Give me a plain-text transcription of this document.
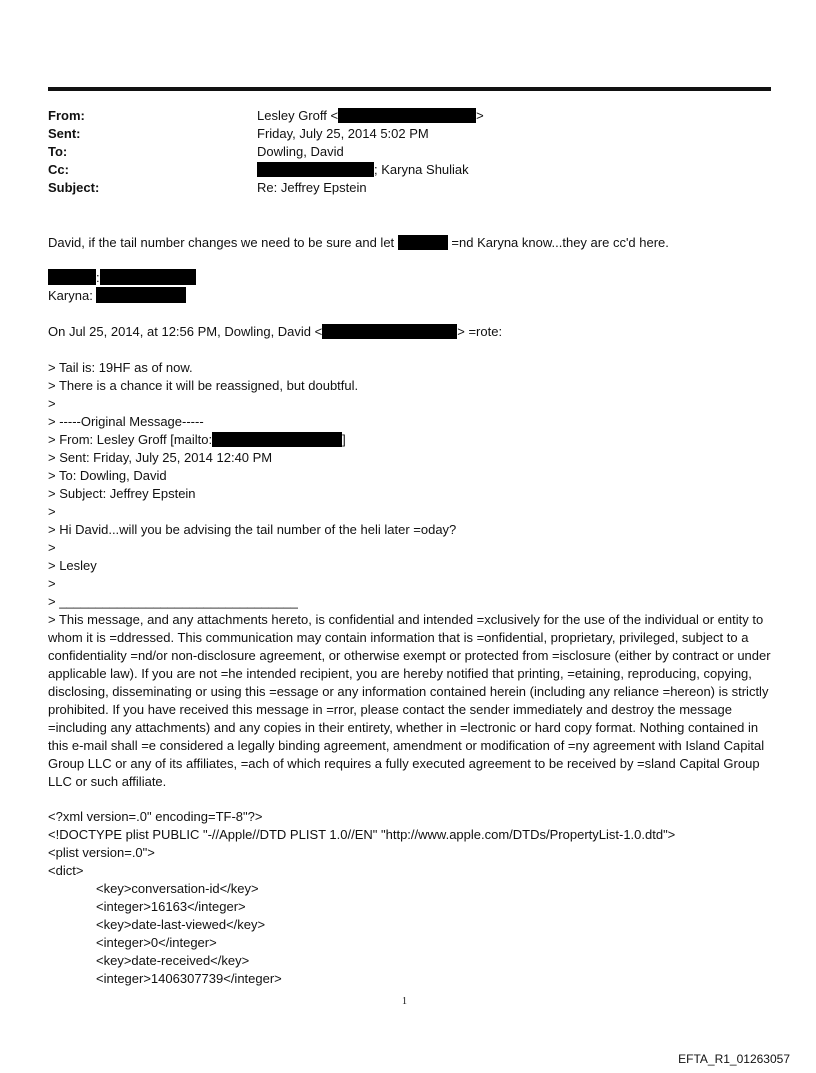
From:	Lesley Groff <	>
Sent:	Friday, July 25, 2014 5:02 PM
To:	Dowling, David
Cc:	; Karyna Shuliak
Subject:	Re: Jeffrey Epstein
David, if the tail number changes we need to be sure and let	=nd Karyna know...they are cc'd here.
:
Karyna:
On Jul 25, 2014, at 12:56 PM, Dowling, David <	> =rote:
> Tail is: 19HF as of now.
> There is a chance it will be reassigned, but doubtful.
>
> -----Original Message-----
> From: Lesley Groff [mailto:	]
> Sent: Friday, July 25, 2014 12:40 PM
> To: Dowling, David
> Subject: Jeffrey Epstein
>
> Hi David...will you be advising the tail number of the heli later =oday?
>
> Lesley
>
> _________________________________
> This message, and any attachments hereto, is confidential and intended =xclusively for the use of the individual or entity to whom it is =ddressed. This communication may contain information that is =onfidential, proprietary, privileged, subject to a confidentiality =nd/or non-disclosure agreement, or otherwise exempt or protected from =isclosure (either by contract or under applicable law). If you are not =he intended recipient, you are hereby notified that printing, =etaining, reproducing, copying, disclosing, disseminating or using this =essage or any information contained herein (including any reliance =hereon) is strictly prohibited. If you have received this message in =rror, please contact the sender immediately and destroy the message =including any attachments) and any copies in their entirety, whether in =lectronic or hard copy format. Nothing contained in this e-mail shall =e considered a legally binding agreement, amendment or modification of =ny agreement with Island Capital Group LLC or any of its affiliates, =ach of which requires a fully executed agreement to be received by =sland Capital Group LLC or such affiliate.
<?xml version=.0" encoding=TF-8"?>
<!DOCTYPE plist PUBLIC "-//Apple//DTD PLIST 1.0//EN" "http://www.apple.com/DTDs/PropertyList-1.0.dtd">
<plist version=.0">
<dict>
<key>conversation-id</key>
<integer>16163</integer>
<key>date-last-viewed</key>
<integer>0</integer>
<key>date-received</key>
<integer>1406307739</integer>
1
EFTA_R1_01263057
